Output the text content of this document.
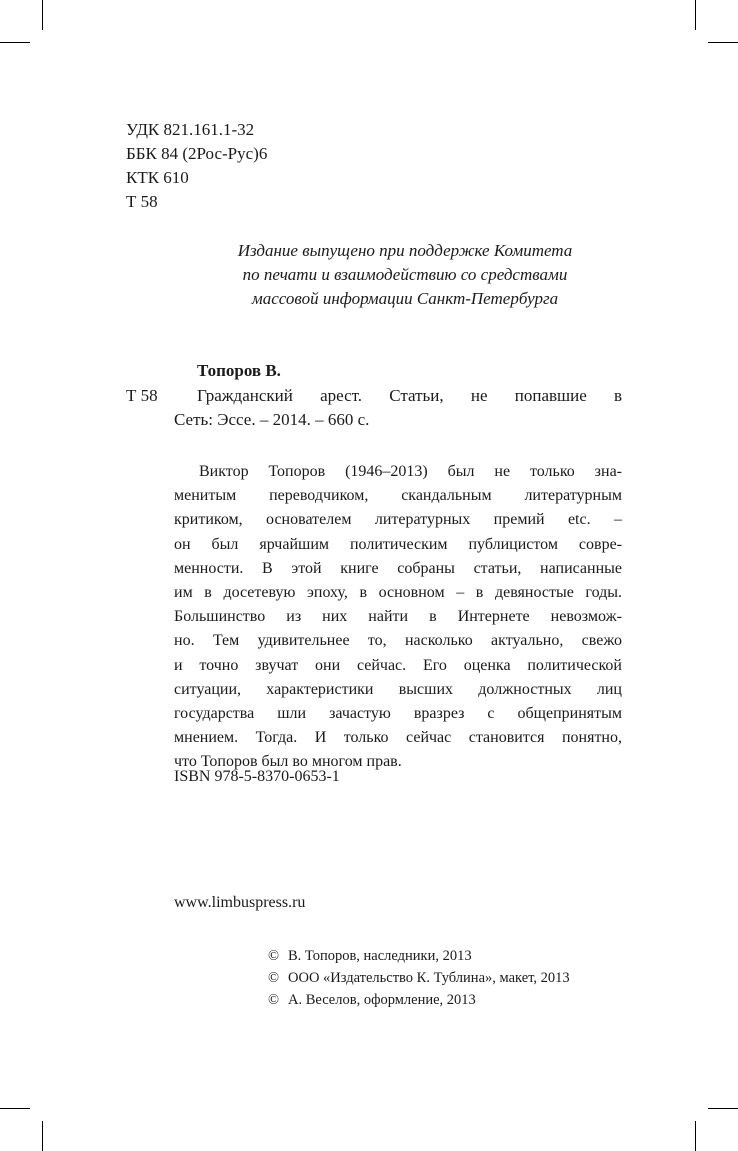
УДК 821.161.1-32
ББК 84 (2Рос-Рус)6
КТК 610
Т 58
Издание выпущено при поддержке Комитета
по печати и взаимодействию со средствами
массовой информации Санкт-Петербурга
Топоров В.
Т 58	Гражданский арест. Статьи, не попавшие в
Сеть: Эссе. – 2014. – 660 с.
Виктор Топоров (1946–2013) был не только зна-
менитым переводчиком, скандальным литературным
критиком, основателем литературных премий etc. –
он был ярчайшим политическим публицистом совре-
менности. В этой книге собраны статьи, написанные
им в досетевую эпоху, в основном – в девяностые годы.
Большинство из них найти в Интернете невозмож-
но. Тем удивительнее то, насколько актуально, свежо
и точно звучат они сейчас. Его оценка политической
ситуации, характеристики высших должностных лиц
государства шли зачастую вразрез с общепринятым
мнением. Тогда. И только сейчас становится понятно,
что Топоров был во многом прав.
ISBN 978-5-8370-0653-1
www.limbuspress.ru
© В. Топоров, наследники, 2013
© ООО «Издательство К. Тублина», макет, 2013
© А. Веселов, оформление, 2013
